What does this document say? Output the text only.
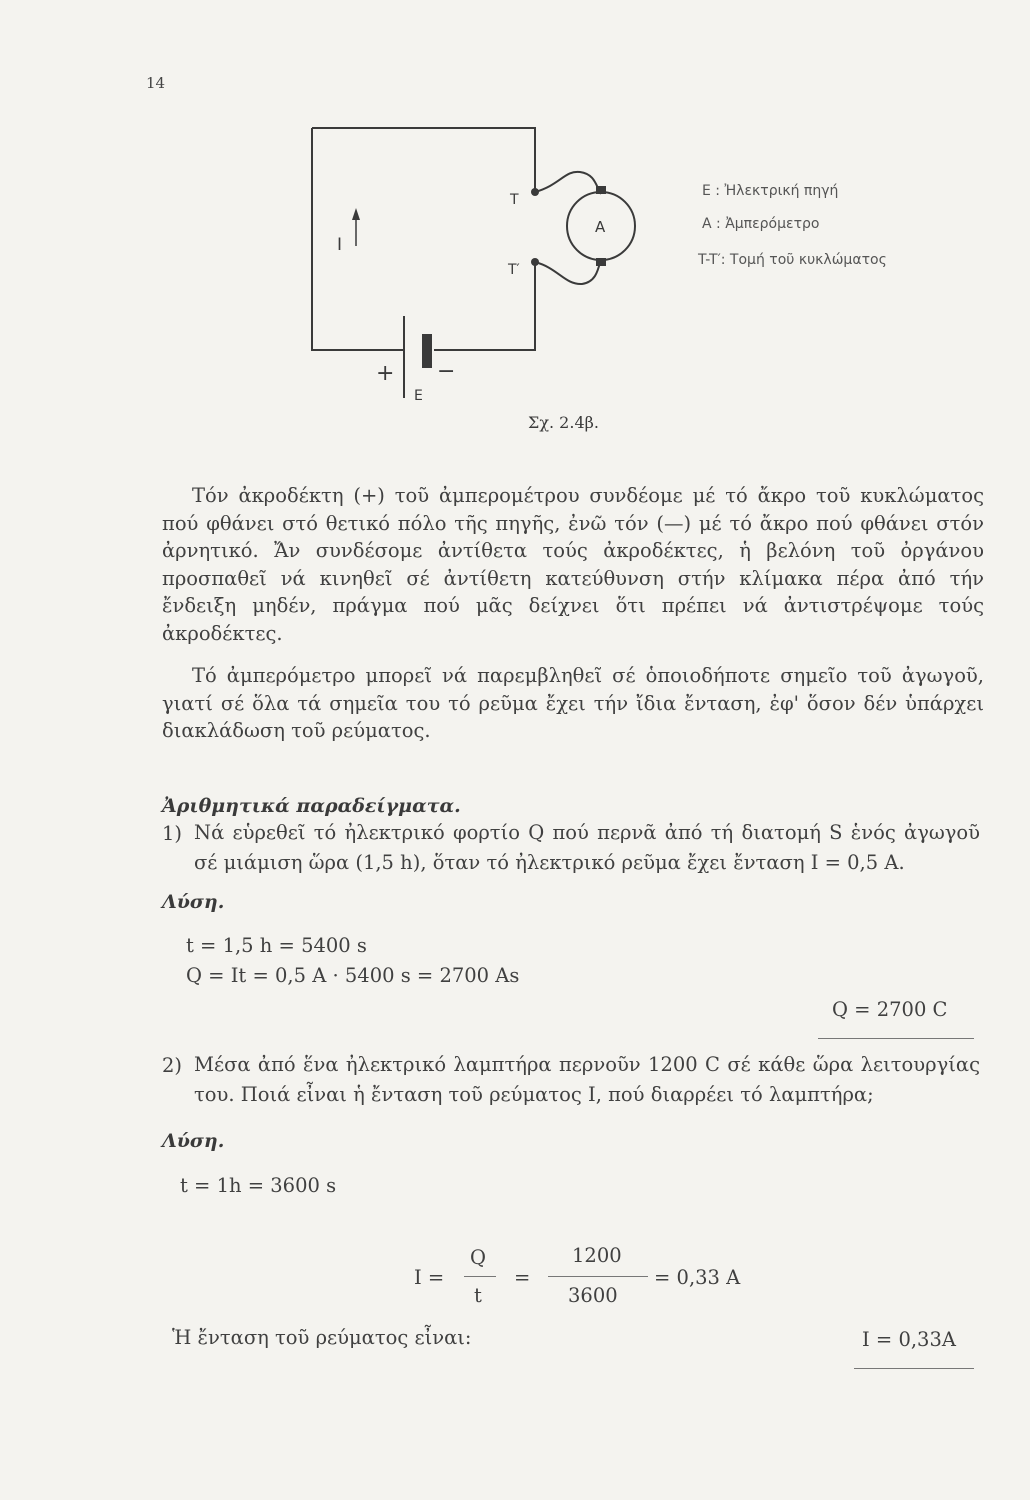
14
I
T
T′
A
+ −
E
E : Ἠλεκτρική πηγή
A : Ἀμπερόμετρο
T-T′: Τομή τοῦ κυκλώματος
Σχ. 2.4β.

Τόν ἀκροδέκτη (+) τοῦ ἀμπερομέτρου συνδέομε μέ τό ἄκρο τοῦ κυκλώματος πού φθάνει στό θετικό πόλο τῆς πηγῆς, ἐνῶ τόν (—) μέ τό ἄκρο πού φθάνει στόν ἀρνητικό. Ἄν συνδέσομε ἀντίθετα τούς ἀκροδέκτες, ἡ βελόνη τοῦ ὀργάνου προσπαθεῖ νά κινηθεῖ σέ ἀντίθετη κατεύθυνση στήν κλίμακα πέρα ἀπό τήν ἔνδειξη μηδέν, πράγμα πού μᾶς δείχνει ὅτι πρέπει νά ἀντιστρέψομε τούς ἀκροδέκτες.

Τό ἀμπερόμετρο μπορεῖ νά παρεμβληθεῖ σέ ὁποιοδήποτε σημεῖο τοῦ ἀγωγοῦ, γιατί σέ ὅλα τά σημεῖα του τό ρεῦμα ἔχει τήν ἴδια ἔνταση, ἐφ' ὅσον δέν ὑπάρχει διακλάδωση τοῦ ρεύματος.

Ἀριθμητικά παραδείγματα.
1) Νά εὑρεθεῖ τό ἠλεκτρικό φορτίο Q πού περνᾶ ἀπό τή διατομή S ἑνός ἀγωγοῦ σέ μιάμιση ὥρα (1,5 h), ὅταν τό ἠλεκτρικό ρεῦμα ἔχει ἔνταση I = 0,5 A.
Λύση.
t = 1,5 h = 5400 s
Q = It = 0,5 A · 5400 s = 2700 As
Q = 2700 C
2) Μέσα ἀπό ἕνα ἠλεκτρικό λαμπτήρα περνοῦν 1200 C σέ κάθε ὥρα λειτουργίας του. Ποιά εἶναι ἡ ἔνταση τοῦ ρεύματος I, πού διαρρέει τό λαμπτήρα;
Λύση.
t = 1h = 3600 s
I =
Q
t
=
1200
3600
= 0,33 A
Ἡ ἔνταση τοῦ ρεύματος εἶναι:	I = 0,33A
